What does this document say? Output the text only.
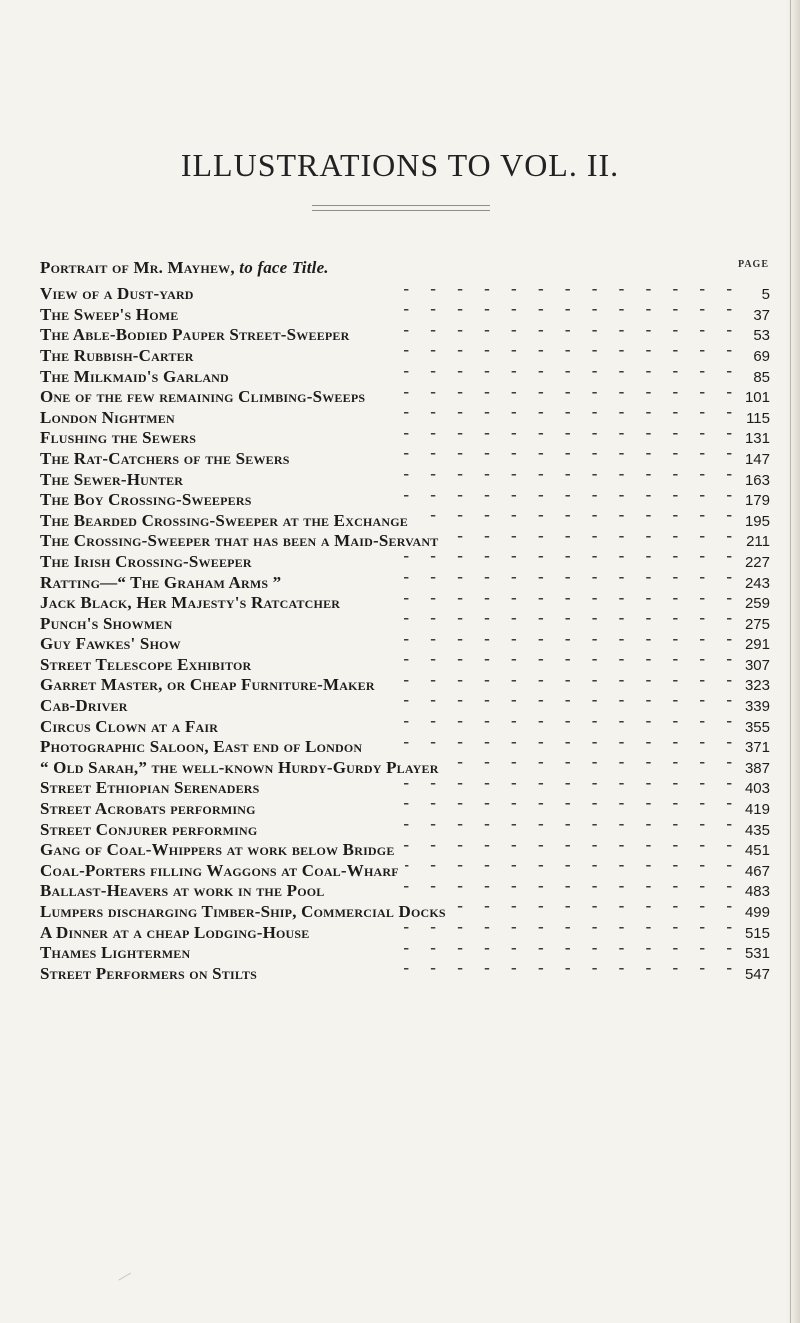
ILLUSTRATIONS TO VOL. II.
PAGE
Portrait of Mr. Mayhew, to face Title.
View of a Dust-yard -	5
The Sweep's Home -	37
The Able-Bodied Pauper Street-Sweeper -	53
The Rubbish-Carter -	69
The Milkmaid's Garland -	85
One of the few remaining Climbing-Sweeps -	101
London Nightmen -	115
Flushing the Sewers -	131
The Rat-Catchers of the Sewers -	147
The Sewer-Hunter -	163
The Boy Crossing-Sweepers -	179
The Bearded Crossing-Sweeper at the Exchange -	195
The Crossing-Sweeper that has been a Maid-Servant -	211
The Irish Crossing-Sweeper -	227
Ratting—“ The Graham Arms ” -	243
Jack Black, Her Majesty's Ratcatcher -	259
Punch's Showmen -	275
Guy Fawkes' Show -	291
Street Telescope Exhibitor -	307
Garret Master, or Cheap Furniture-Maker -	323
Cab-Driver -	339
Circus Clown at a Fair -	355
Photographic Saloon, East end of London -	371
“ Old Sarah,” the well-known Hurdy-Gurdy Player -	387
Street Ethiopian Serenaders -	403
Street Acrobats performing -	419
Street Conjurer performing -	435
Gang of Coal-Whippers at work below Bridge -	451
Coal-Porters filling Waggons at Coal-Wharf -	467
Ballast-Heavers at work in the Pool -	483
Lumpers discharging Timber-Ship, Commercial Docks -	499
A Dinner at a cheap Lodging-House -	515
Thames Lightermen -	531
Street Performers on Stilts -	547
